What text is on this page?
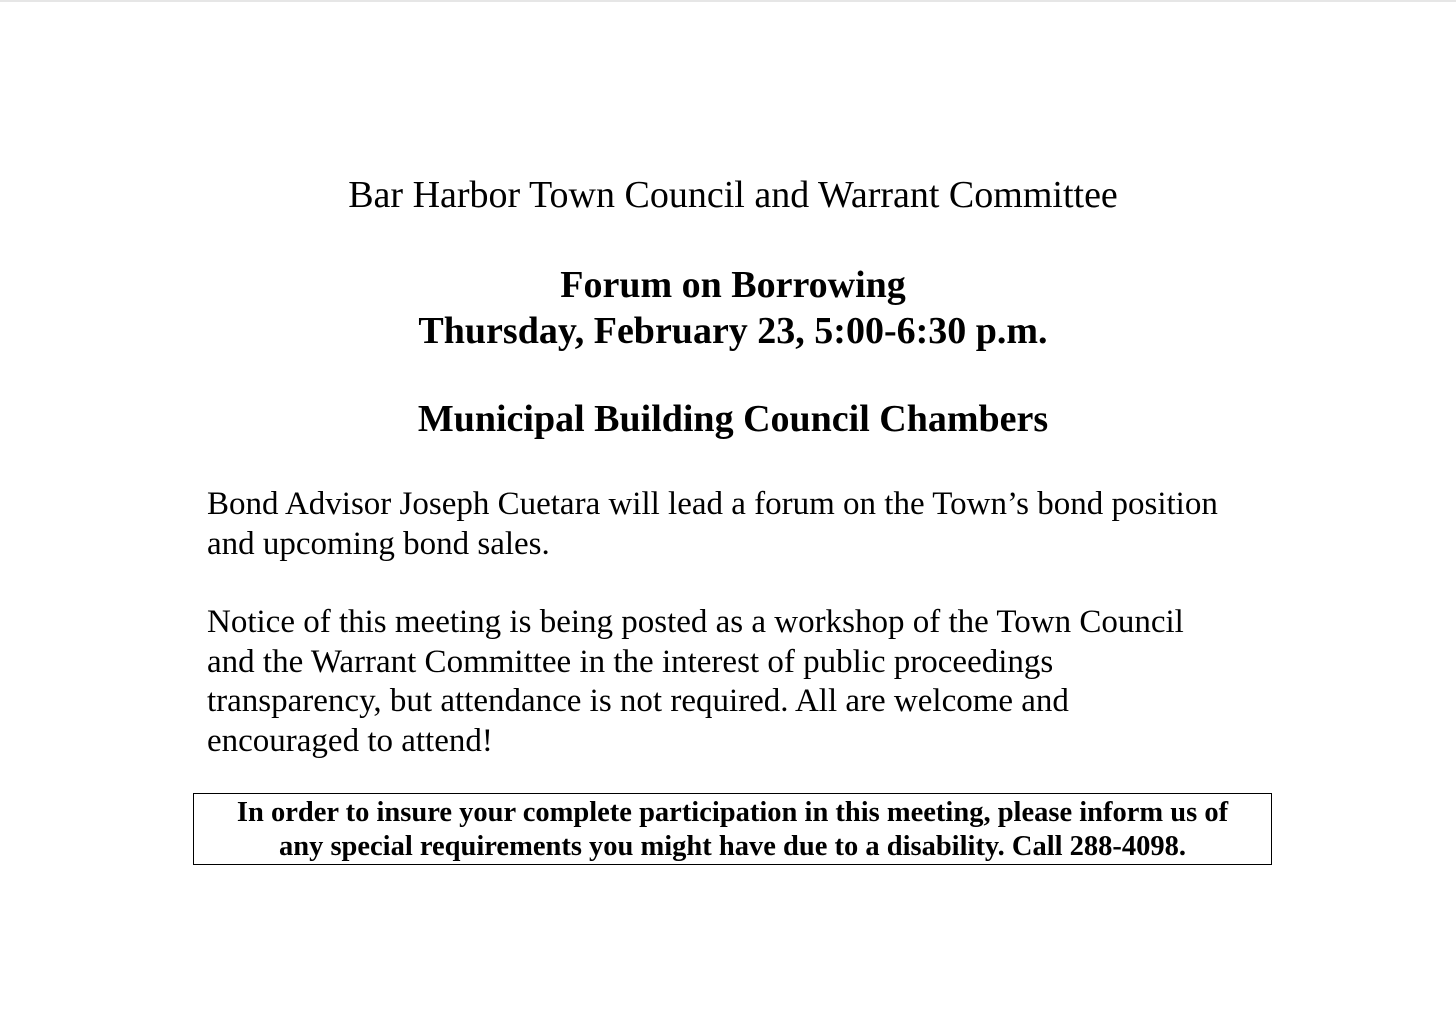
Bar Harbor Town Council and Warrant Committee

Forum on Borrowing

Thursday, February 23, 5:00-6:30 p.m.

Municipal Building Council Chambers

Bond Advisor Joseph Cuetara will lead a forum on the Town’s bond position
and upcoming bond sales.
Notice of this meeting is being posted as a workshop of the Town Council
and the Warrant Committee in the interest of public proceedings
transparency, but attendance is not required. All are welcome and
encouraged to attend!

In order to insure your complete participation in this meeting, please inform us of

any special requirements you might have due to a disability. Call 288-4098.
